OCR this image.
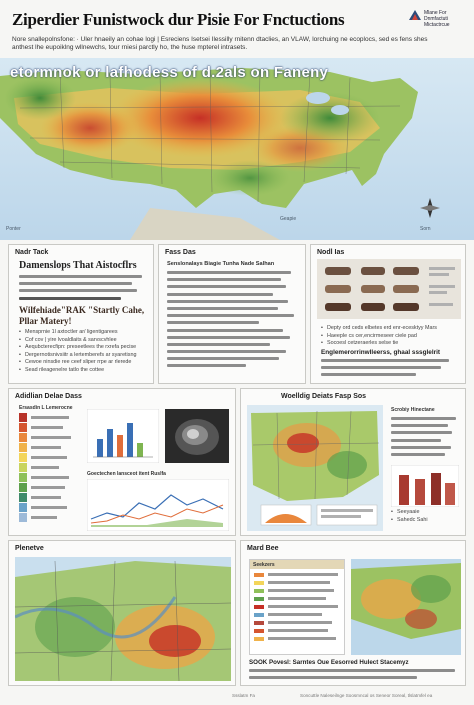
Ziperdier Funistwock dur Pisie For Fnctuctions	Mlane For Dnmfactuti Mictactrcue
Nore snallepolnsfone: · Uler hnaeily an cohae logi | Esreciens Isetsei Ilessilly rnitenn dtaclies, an VLAW, lorchuing ne ecoplocs, sed es fens shes anthest lhe eupoiklng wllnewchs, tour rniesi parctly ho, the huse mpterel intrasets.
etormnok or lafhodess of d.2als on Faneny
Ponter
Geapie
Sorn
Nadr Tack
Damenslops That Aistocflrs
Wilfehiade"RAK "Startly Cahe, Pllar Matery!
• Mensprnie 1l axtoctler ar/ ligentigarees
• Cof cov | yire lvoaldlaits & sarvscvhlee
• Aequbcterecfipn: preseetlees the rxrefa pecise
• Dergernotisnivsiitr a lertemberefs ar syaretisng
• Cewoe ninsdie ree ceef sliper rrpe ar rlerede
• Sead rileagenelre tatlo the cottee
Fass Das
Senslonalays Biagie Tunha Nade Salhan
Nodl Ias
• Depty ord ceds elbetes erd enr-ecesktyy Mars
• Haeeple cs cer,encirmeseer ciele pad
• Socoesl cetzeraerles selse tie
Englemerorrinwlleerss, ghaal sssglelrit
Adidlian Delae Dass
Ersasdin L Lemerocne
Goectechen lansceot itent Ruslfa
Woelldig Deiats Fasp Sos
Scrobiy Hinectane
• Seeyaaie
• Sahedc Sahi
Plenetve	Mard Bee
Seekzers
SOOK Povesl: Sarntes Oue Eesorred Hulect Stacemyz
Ssslatm Fa	Soncuttle Naleseilnge Soosmncal os Seneor Soreal, tlslatmfel ea
